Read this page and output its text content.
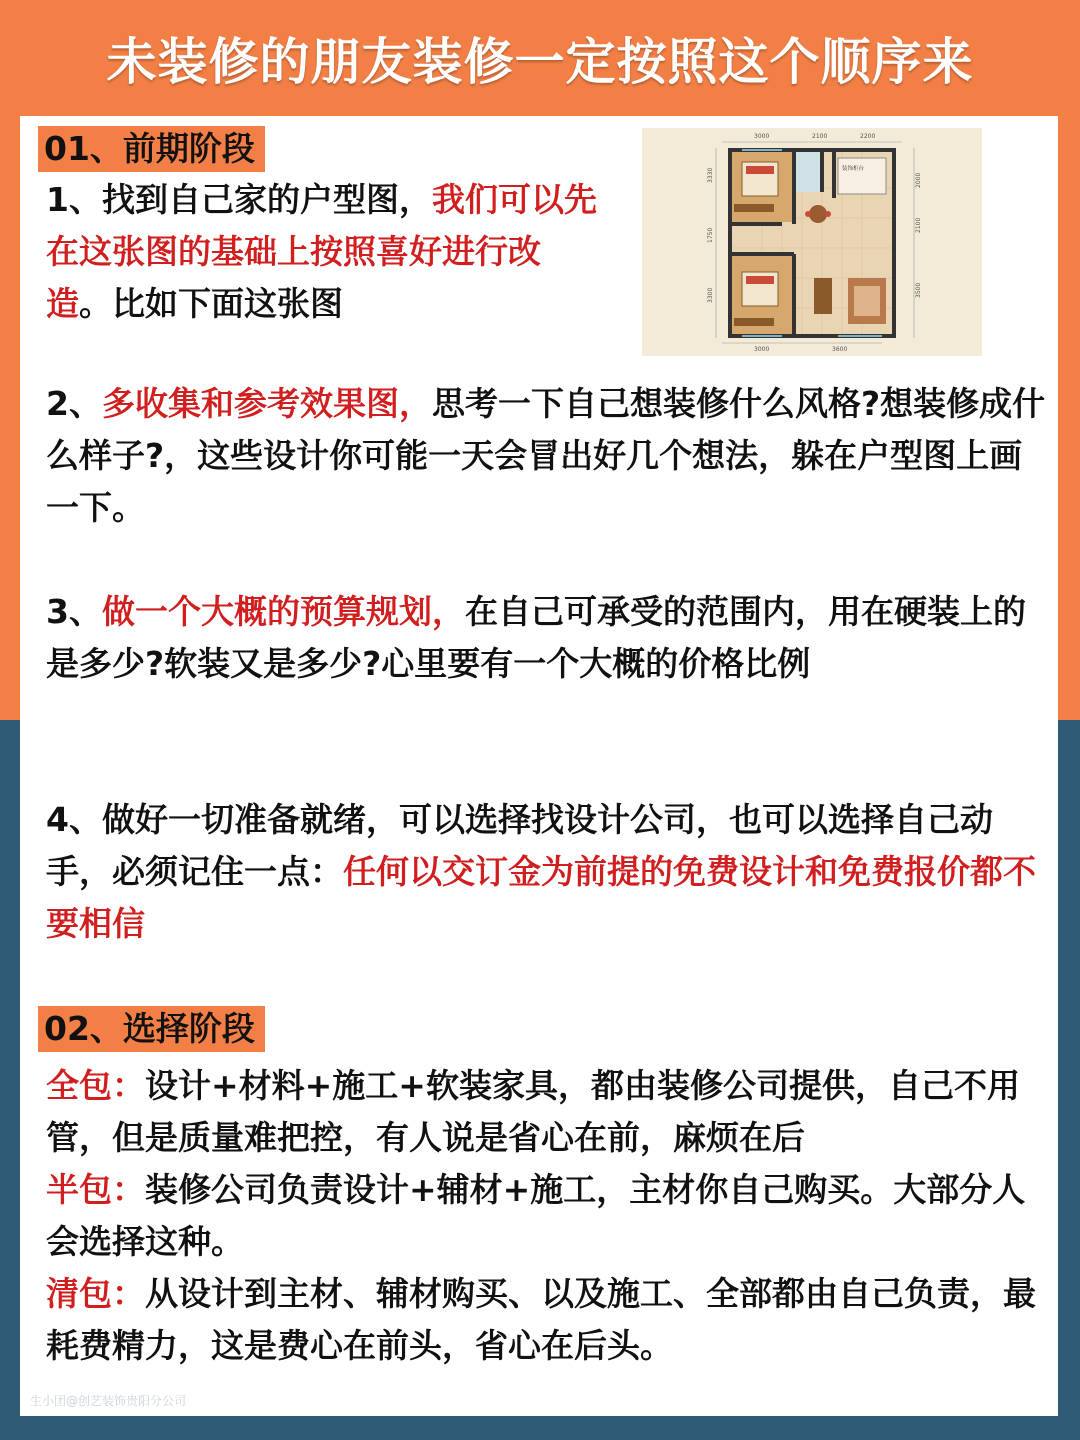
未装修的朋友装修一定按照这个顺序来
01、前期阶段
1、找到自己家的户型图，我们可以先在这张图的基础上按照喜好进行改造。比如下面这张图
3000	2100	2200
3000	3600
3330
1750
3300
2000
2100
3500
装饰柜台
2、多收集和参考效果图，思考一下自己想装修什么风格?想装修成什么样子?，这些设计你可能一天会冒出好几个想法，躲在户型图上画一下。
3、做一个大概的预算规划，在自己可承受的范围内，用在硬装上的是多少?软装又是多少?心里要有一个大概的价格比例
4、做好一切准备就绪，可以选择找设计公司，也可以选择自己动手，必须记住一点：任何以交订金为前提的免费设计和免费报价都不要相信
02、选择阶段
全包：设计+材料+施工+软装家具，都由装修公司提供，自己不用管，但是质量难把控，有人说是省心在前，麻烦在后
半包：装修公司负责设计+辅材+施工，主材你自己购买。大部分人会选择这种。
清包：从设计到主材、辅材购买、以及施工、全部都由自己负责，最耗费精力，这是费心在前头，省心在后头。
生小团@创艺装饰贵阳分公司
